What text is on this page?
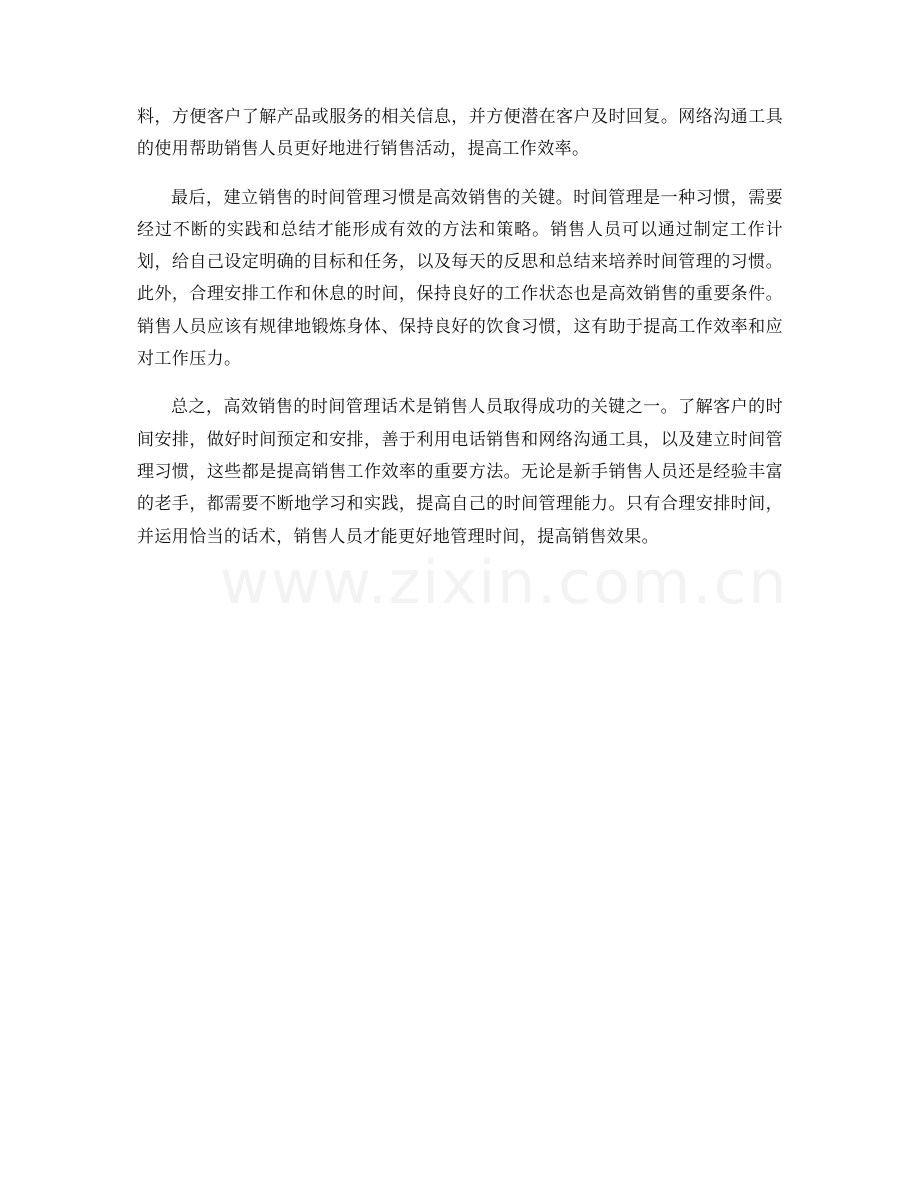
料，方便客户了解产品或服务的相关信息，并方便潜在客户及时回复。网络沟通工具的使用帮助销售人员更好地进行销售活动，提高工作效率。

最后，建立销售的时间管理习惯是高效销售的关键。时间管理是一种习惯，需要经过不断的实践和总结才能形成有效的方法和策略。销售人员可以通过制定工作计划，给自己设定明确的目标和任务，以及每天的反思和总结来培养时间管理的习惯。此外，合理安排工作和休息的时间，保持良好的工作状态也是高效销售的重要条件。销售人员应该有规律地锻炼身体、保持良好的饮食习惯，这有助于提高工作效率和应对工作压力。

总之，高效销售的时间管理话术是销售人员取得成功的关键之一。了解客户的时间安排，做好时间预定和安排，善于利用电话销售和网络沟通工具，以及建立时间管理习惯，这些都是提高销售工作效率的重要方法。无论是新手销售人员还是经验丰富的老手，都需要不断地学习和实践，提高自己的时间管理能力。只有合理安排时间，并运用恰当的话术，销售人员才能更好地管理时间，提高销售效果。

www.zixin.com.cn
